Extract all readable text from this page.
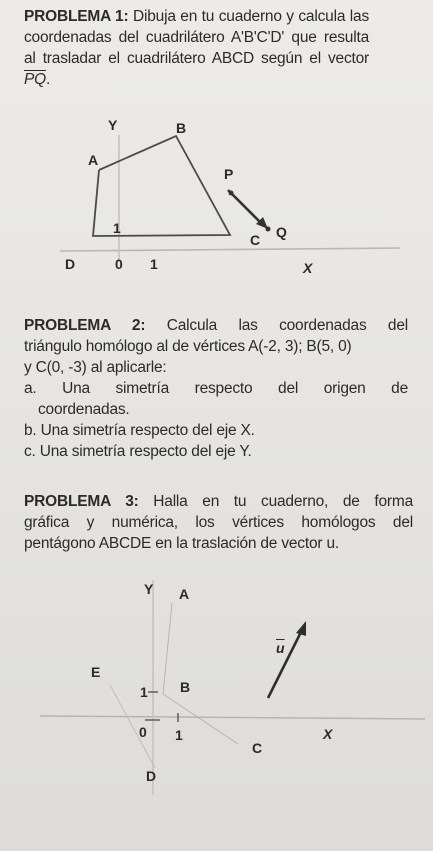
PROBLEMA 1: Dibuja en tu cuaderno y calcula las
coordenadas del cuadrilátero A'B'C'D' que resulta
al trasladar el cuadrilátero ABCD según el vector
$\overline{PQ}$.
Y	B
A
P
1
C Q
D	0 1	X
PROBLEMA 2: Calcula las coordenadas del
triángulo homólogo al de vértices A(-2, 3); B(5, 0)
y C(0, -3) al aplicarle:
a. Una simetría respecto del origen de
coordenadas.
b. Una simetría respecto del eje X.
c. Una simetría respecto del eje Y.
PROBLEMA 3: Halla en tu cuaderno, de forma
gráfica y numérica, los vértices homólogos del
pentágono ABCDE en la traslación de vector u.
Y A
$\overline{u}$
E
1 B
0 1	X
C
D
